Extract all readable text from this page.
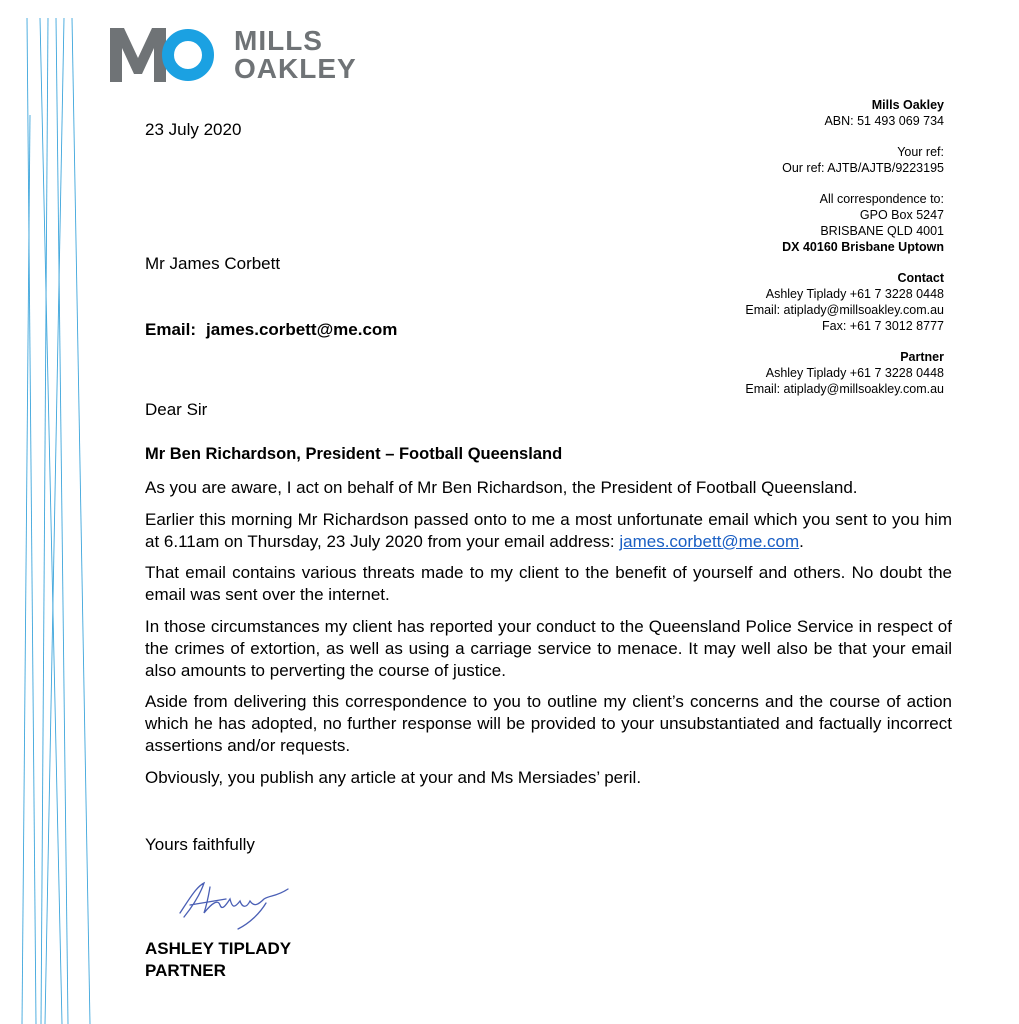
MILLS
OAKLEY
23 July 2020
Mr James Corbett
Email: james.corbett@me.com
Mills Oakley
ABN: 51 493 069 734
Your ref:
Our ref: AJTB/AJTB/9223195
All correspondence to:
GPO Box 5247
BRISBANE QLD 4001
DX 40160 Brisbane Uptown
Contact
Ashley Tiplady +61 7 3228 0448
Email: atiplady@millsoakley.com.au
Fax: +61 7 3012 8777
Partner
Ashley Tiplady +61 7 3228 0448
Email: atiplady@millsoakley.com.au
Dear Sir
Mr Ben Richardson, President – Football Queensland

As you are aware, I act on behalf of Mr Ben Richardson, the President of Football Queensland.

Earlier this morning Mr Richardson passed onto to me a most unfortunate email which you sent to you him at 6.11am on Thursday, 23 July 2020 from your email address: james.corbett@me.com.

That email contains various threats made to my client to the benefit of yourself and others. No doubt the email was sent over the internet.

In those circumstances my client has reported your conduct to the Queensland Police Service in respect of the crimes of extortion, as well as using a carriage service to menace. It may well also be that your email also amounts to perverting the course of justice.

Aside from delivering this correspondence to you to outline my client’s concerns and the course of action which he has adopted, no further response will be provided to your unsubstantiated and factually incorrect assertions and/or requests.

Obviously, you publish any article at your and Ms Mersiades’ peril.

Yours faithfully
ASHLEY TIPLADY
PARTNER
